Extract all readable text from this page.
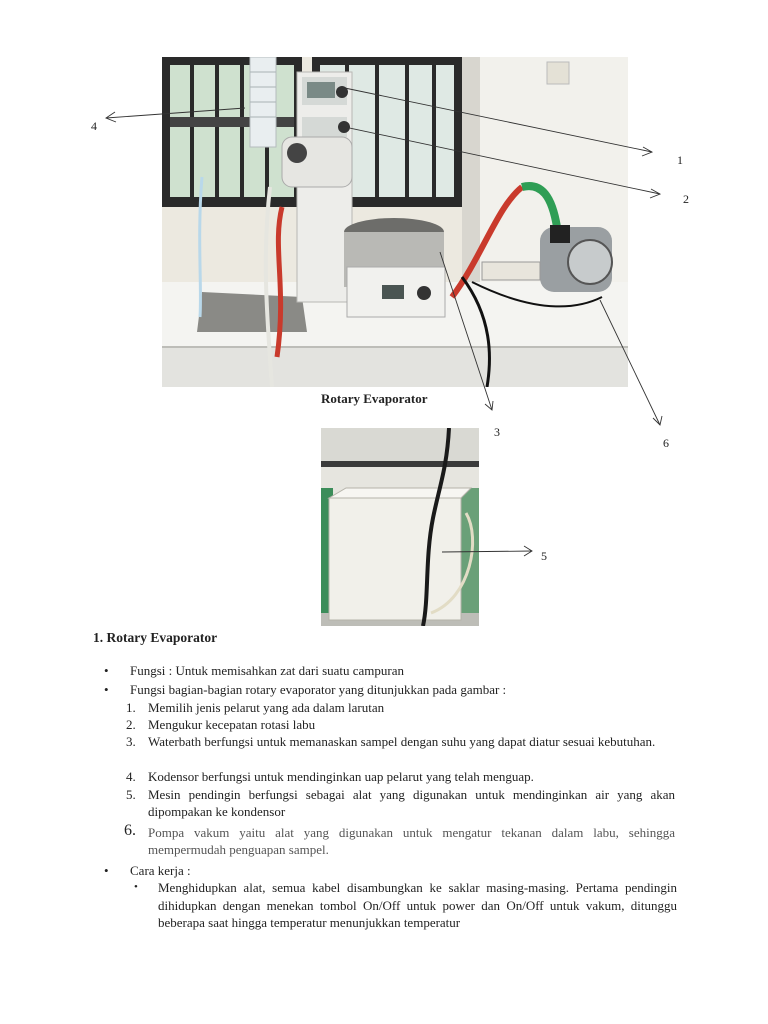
1
2
4
3
6
5
Rotary Evaporator
1. Rotary Evaporator
• Fungsi : Untuk memisahkan zat dari suatu campuran
• Fungsi bagian-bagian rotary evaporator yang ditunjukkan pada gambar :
1. Memilih jenis pelarut yang ada dalam larutan
2. Mengukur kecepatan rotasi labu
3. Waterbath berfungsi untuk memanaskan sampel dengan suhu yang dapat diatur sesuai kebutuhan.
4. Kodensor berfungsi untuk mendinginkan uap pelarut yang telah menguap.
5. Mesin pendingin berfungsi sebagai alat yang digunakan untuk mendinginkan air yang akan dipompakan ke kondensor
6. Pompa vakum yaitu alat yang digunakan untuk mengatur tekanan dalam labu, sehingga mempermudah penguapan sampel.
• Cara kerja :
• Menghidupkan alat, semua kabel disambungkan ke saklar masing-masing. Pertama pendingin dihidupkan dengan menekan tombol On/Off untuk power dan On/Off untuk vakum, ditunggu beberapa saat hingga temperatur menunjukkan temperatur
